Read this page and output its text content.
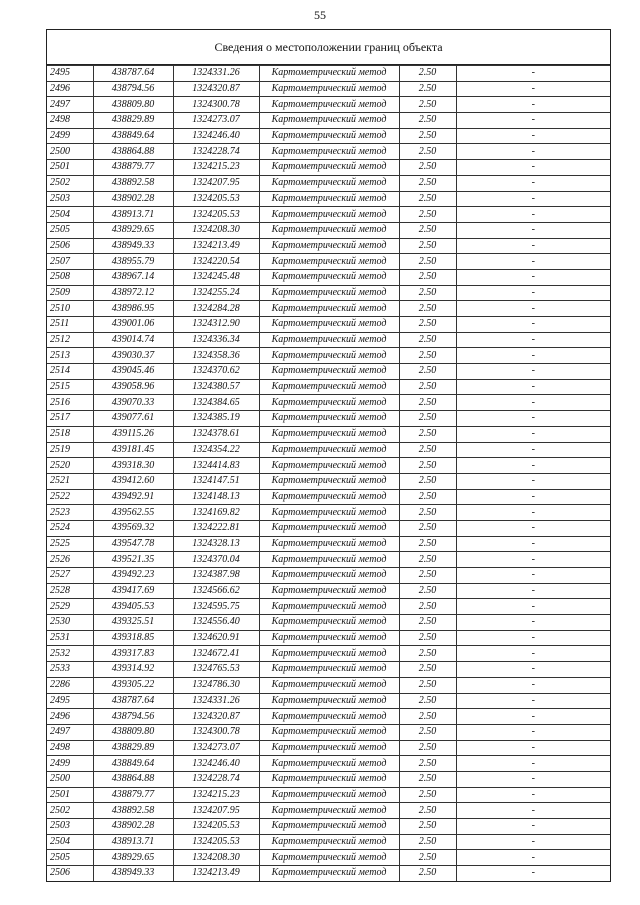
55
Сведения о местоположении границ объекта
2495	438787.64	1324331.26	Картометрический метод	2.50	-
2496	438794.56	1324320.87	Картометрический метод	2.50	-
2497	438809.80	1324300.78	Картометрический метод	2.50	-
2498	438829.89	1324273.07	Картометрический метод	2.50	-
2499	438849.64	1324246.40	Картометрический метод	2.50	-
2500	438864.88	1324228.74	Картометрический метод	2.50	-
2501	438879.77	1324215.23	Картометрический метод	2.50	-
2502	438892.58	1324207.95	Картометрический метод	2.50	-
2503	438902.28	1324205.53	Картометрический метод	2.50	-
2504	438913.71	1324205.53	Картометрический метод	2.50	-
2505	438929.65	1324208.30	Картометрический метод	2.50	-
2506	438949.33	1324213.49	Картометрический метод	2.50	-
2507	438955.79	1324220.54	Картометрический метод	2.50	-
2508	438967.14	1324245.48	Картометрический метод	2.50	-
2509	438972.12	1324255.24	Картометрический метод	2.50	-
2510	438986.95	1324284.28	Картометрический метод	2.50	-
2511	439001.06	1324312.90	Картометрический метод	2.50	-
2512	439014.74	1324336.34	Картометрический метод	2.50	-
2513	439030.37	1324358.36	Картометрический метод	2.50	-
2514	439045.46	1324370.62	Картометрический метод	2.50	-
2515	439058.96	1324380.57	Картометрический метод	2.50	-
2516	439070.33	1324384.65	Картометрический метод	2.50	-
2517	439077.61	1324385.19	Картометрический метод	2.50	-
2518	439115.26	1324378.61	Картометрический метод	2.50	-
2519	439181.45	1324354.22	Картометрический метод	2.50	-
2520	439318.30	1324414.83	Картометрический метод	2.50	-
2521	439412.60	1324147.51	Картометрический метод	2.50	-
2522	439492.91	1324148.13	Картометрический метод	2.50	-
2523	439562.55	1324169.82	Картометрический метод	2.50	-
2524	439569.32	1324222.81	Картометрический метод	2.50	-
2525	439547.78	1324328.13	Картометрический метод	2.50	-
2526	439521.35	1324370.04	Картометрический метод	2.50	-
2527	439492.23	1324387.98	Картометрический метод	2.50	-
2528	439417.69	1324566.62	Картометрический метод	2.50	-
2529	439405.53	1324595.75	Картометрический метод	2.50	-
2530	439325.51	1324556.40	Картометрический метод	2.50	-
2531	439318.85	1324620.91	Картометрический метод	2.50	-
2532	439317.83	1324672.41	Картометрический метод	2.50	-
2533	439314.92	1324765.53	Картометрический метод	2.50	-
2286	439305.22	1324786.30	Картометрический метод	2.50	-
2495	438787.64	1324331.26	Картометрический метод	2.50	-
2496	438794.56	1324320.87	Картометрический метод	2.50	-
2497	438809.80	1324300.78	Картометрический метод	2.50	-
2498	438829.89	1324273.07	Картометрический метод	2.50	-
2499	438849.64	1324246.40	Картометрический метод	2.50	-
2500	438864.88	1324228.74	Картометрический метод	2.50	-
2501	438879.77	1324215.23	Картометрический метод	2.50	-
2502	438892.58	1324207.95	Картометрический метод	2.50	-
2503	438902.28	1324205.53	Картометрический метод	2.50	-
2504	438913.71	1324205.53	Картометрический метод	2.50	-
2505	438929.65	1324208.30	Картометрический метод	2.50	-
2506	438949.33	1324213.49	Картометрический метод	2.50	-
